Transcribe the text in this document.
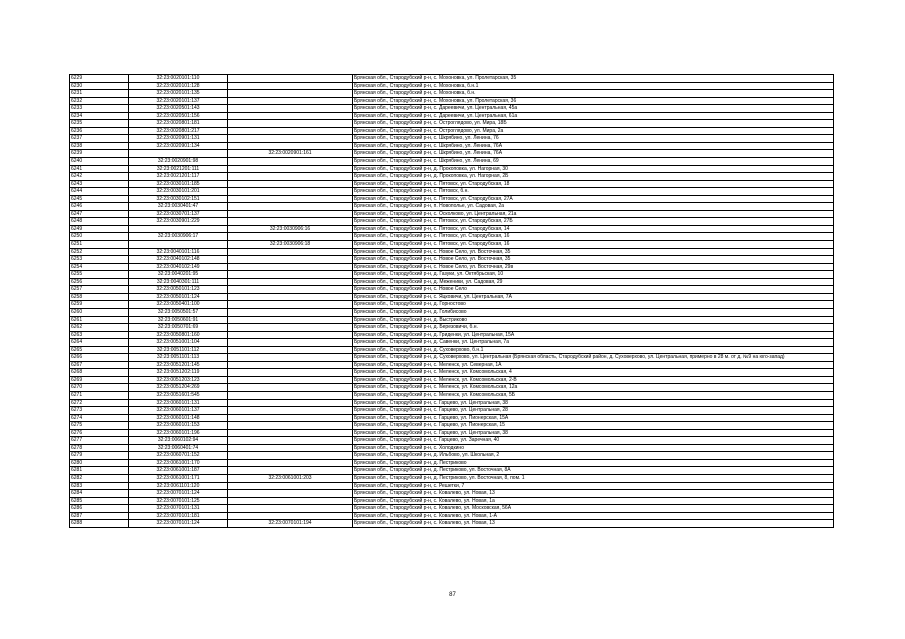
6229	32:23:0020101:110		Брянская обл., Стародубский р-н, с. Мохоновка, ул. Пролетарская, 35
6230	32:23:0020101:128		Брянская обл., Стародубский р-н, с. Мохоновка, б.н.1
6231	32:23:0020101:135		Брянская обл., Стародубский р-н, с. Мохоновка, б.н.
6232	32:23:0020101:137		Брянская обл., Стародубский р-н, с. Мохоновка, ул. Пролетарская, 36
6233	32:23:0020501:143		Брянская обл., Стародубский р-н, с. Дареевичи, ул. Центральная, 45а
6234	32:23:0020501:156		Брянская обл., Стародубский р-н, с. Дареевичи, ул. Центральная, 61а
6235	32:23:0020801:181		Брянская обл., Стародубский р-н, с. Остроглядово, ул. Мира, 18Б
6236	32:23:0020801:217		Брянская обл., Стародубский р-н, с. Остроглядово, ул. Мира, 2а
6237	32:23:0020901:131		Брянская обл., Стародубский р-н, с. Шкрябино, ул. Ленина, 76
6238	32:23:0020901:134		Брянская обл., Стародубский р-н, с. Шкрябино, ул. Ленина, 76А
6239		32:23:0020901:161	Брянская обл., Стародубский р-н, с. Шкрябино, ул. Ленина, 76А
6240	32:23:0020901:98		Брянская обл., Стародубский р-н, с. Шкрябино, ул. Ленина, 69
6241	32:23:0021201:111		Брянская обл., Стародубский р-н, д. Прокоповка, ул. Нагорная, 30
6242	32:23:0021201:117		Брянская обл., Стародубский р-н, д. Прокоповка, ул. Нагорная, 2Б
6243	32:23:0030101:185		Брянская обл., Стародубский р-н, с. Пятовск, ул. Стародубская, 18
6244	32:23:0030101:201		Брянская обл., Стародубский р-н, с. Пятовск, б.н.
6245	32:23:0030102:151		Брянская обл., Стародубский р-н, с. Пятовск, ул. Стародубская, 27А
6246	32:23:0030401:47		Брянская обл., Стародубский р-н, п. Новополье, ул. Садовая, 2а
6247	32:23:0030701:137		Брянская обл., Стародубский р-н, с. Осколково, ул. Центральная, 21а
6248	32:23:0030901:229		Брянская обл., Стародубский р-н, с. Пятовск, ул. Стародубская, 27Б
6249		32:23:0030906:16	Брянская обл., Стародубский р-н, с. Пятовск, ул. Стародубская, 14
6250	32:23:0030906:17		Брянская обл., Стародубский р-н, с. Пятовск, ул. Стародубская, 16
6251		32:23:0030906:18	Брянская обл., Стародубский р-н, с. Пятовск, ул. Стародубская, 16
6252	32:23:0040101:116		Брянская обл., Стародубский р-н, с. Новое Село, ул. Восточная, 35
6253	32:23:0040102:148		Брянская обл., Стародубский р-н, с. Новое Село, ул. Восточная, 35
6254	32:23:0040102:149		Брянская обл., Стародубский р-н, с. Новое Село, ул. Восточная, 29в
6255	32:23:0040201:95		Брянская обл., Стародубский р-н, д. Газуки, ул. Октябрьская, 10
6256	32:23:0040301:111		Брянская обл., Стародубский р-н, д. Меженики, ул. Садовая, 29
6257	32:23:0050101:123		Брянская обл., Стародубский р-н, с. Новое Село
6258	32:23:0050101:124		Брянская обл., Стародубский р-н, с. Яцковичи, ул. Центральная, 7А
6259	32:23:0050401:100		Брянская обл., Стародубский р-н, д. Горностово
6260	32:23:0050501:57		Брянская обл., Стародубский р-н, д. Голибисово
6261	32:23:0050601:91		Брянская обл., Стародубский р-н, д. Выстриково
6262	32:23:0050701:69		Брянская обл., Стародубский р-н, д. Березовичи, б.н.
6263	32:23:0050801:160		Брянская обл., Стародубский р-н, д. Гриденки, ул. Центральная, 15А
6264	32:23:0051001:104		Брянская обл., Стародубский р-н, д. Савенки, ул. Центральная, 7а
6265	32:23:0051101:112		Брянская обл., Стародубский р-н, д. Суховерхово, б.н.1
6266	32:23:0051101:113		Брянская обл., Стародубский р-н, д. Суховерхово, ул. Центральная (Брянская область, Стародубский район, д. Суховерхово, ул. Центральная, примерно в 28 м. от д. №9 на юго-запад)
6267	32:23:0051201:145		Брянская обл., Стародубский р-н, с. Меленск, ул. Северная, 1А
6268	32:23:0051202:119		Брянская обл., Стародубский р-н, с. Меленск, ул. Комсомольская, 4
6269	32:23:0051203:123		Брянская обл., Стародубский р-н, с. Меленск, ул. Комсомольская, 2-В
6270	32:23:0051204:269		Брянская обл., Стародубский р-н, с. Меленск, ул. Комсомольская, 12а
6271	32:23:0051601:545		Брянская обл., Стародубский р-н, с. Меленск, ул. Комсомольская, 5Б
6272	32:23:0060101:131		Брянская обл., Стародубский р-н, с. Гарцево, ул. Центральная, 38
6273	32:23:0060101:137		Брянская обл., Стародубский р-н, с. Гарцево, ул. Центральная, 28
6274	32:23:0060101:148		Брянская обл., Стародубский р-н, с. Гарцево, ул. Пионерская, 15А
6275	32:23:0060101:153		Брянская обл., Стародубский р-н, с. Гарцево, ул. Пионерская, 15
6276	32:23:0060101:196		Брянская обл., Стародубский р-н, с. Гарцево, ул. Центральная, 38
6277	32:23:0060102:94		Брянская обл., Стародубский р-н, с. Гарцево, ул. Заречная, 40
6278	32:23:0060401:74		Брянская обл., Стародубский р-н, с. Холодкино
6279	32:23:0060701:152		Брянская обл., Стародубский р-н, д. Ильбово, ул. Школьная, 2
6280	32:23:0061001:170		Брянская обл., Стародубский р-н, д. Пестриково
6281	32:23:0061001:187		Брянская обл., Стародубский р-н, д. Пестриково, ул. Восточная, 8А
6282	32:23:0061001:171	32:23:0061001:203	Брянская обл., Стародубский р-н, д. Пестриково, ул. Восточная, 8, пом. 1
6283	32:23:0061101:120		Брянская обл., Стародубский р-н, с. Решетки, 7
6284	32:23:0070101:124		Брянская обл., Стародубский р-н, с. Ковалево, ул. Новая, 13
6285	32:23:0070101:125		Брянская обл., Стародубский р-н, с. Ковалево, ул. Новая, 1а
6286	32:23:0070101:131		Брянская обл., Стародубский р-н, с. Ковалево, ул. Московская, 56А
6287	32:23:0070101:181		Брянская обл., Стародубский р-н, с. Ковалево, ул. Новая, 1-А
6288	32:23:0070101:124	32:23:0070101:194	Брянская обл., Стародубский р-н, с. Ковалево, ул. Новая, 13
87
